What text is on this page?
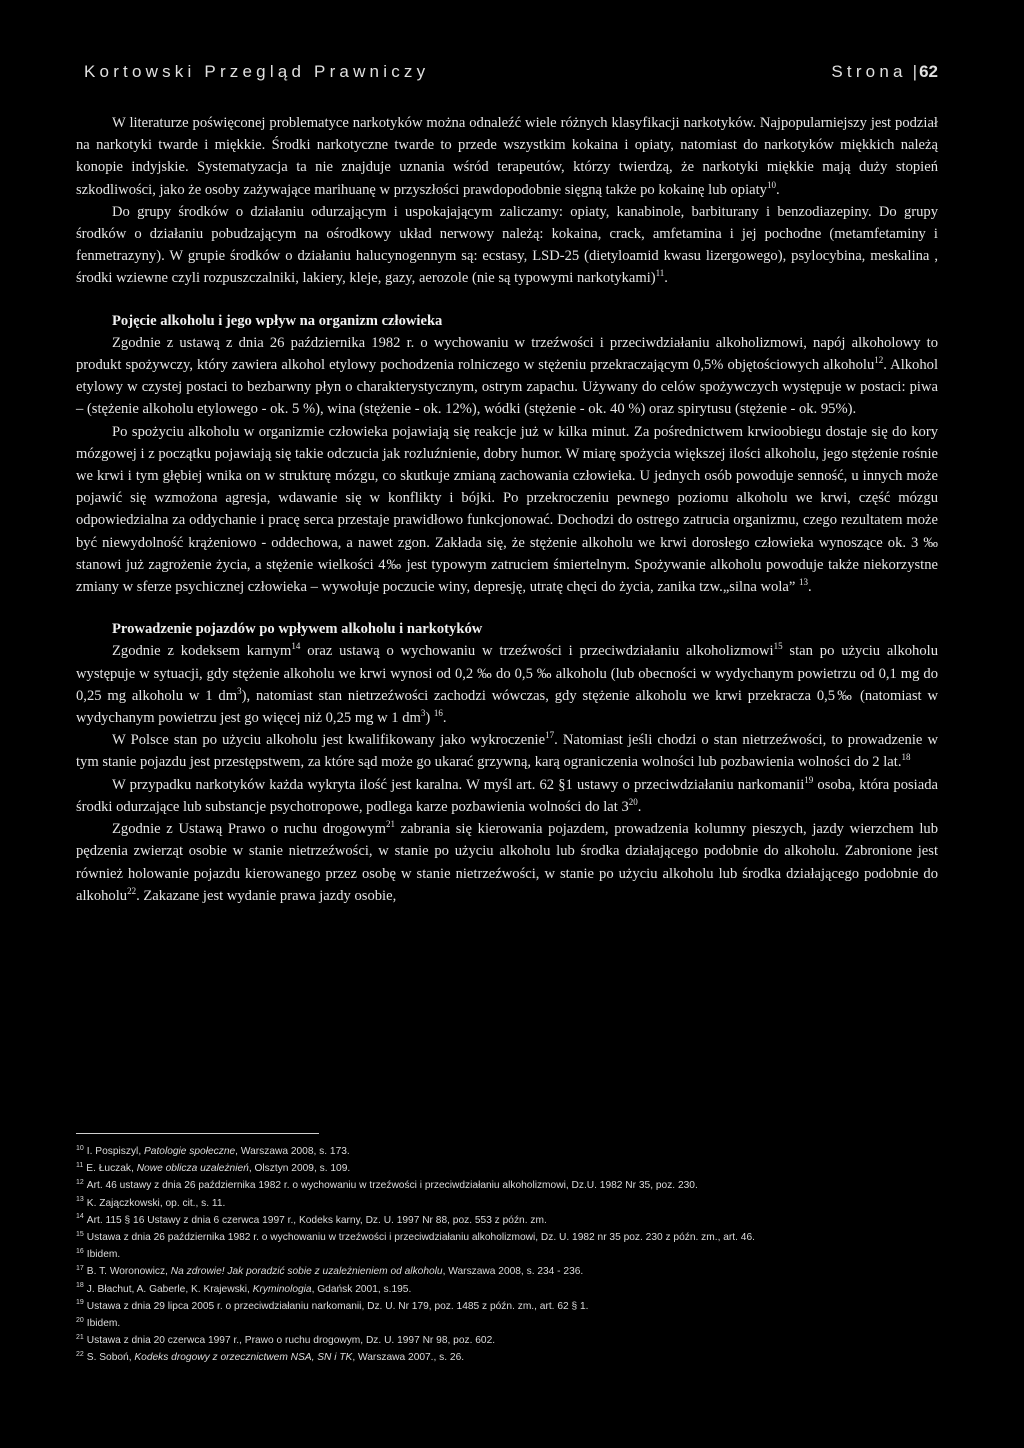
Kortowski Przegląd Prawniczy	Strona | 62

W literaturze poświęconej problematyce narkotyków można odnaleźć wiele różnych klasyfikacji narkotyków. Najpopularniejszy jest podział na narkotyki twarde i miękkie. Środki narkotyczne twarde to przede wszystkim kokaina i opiaty, natomiast do narkotyków miękkich należą konopie indyjskie. Systematyzacja ta nie znajduje uznania wśród terapeutów, którzy twierdzą, że narkotyki miękkie mają duży stopień szkodliwości, jako że osoby zażywające marihuanę w przyszłości prawdopodobnie sięgną także po kokainę lub opiaty$^{10}$.

Do grupy środków o działaniu odurzającym i uspokajającym zaliczamy: opiaty, kanabinole, barbiturany i benzodiazepiny. Do grupy środków o działaniu pobudzającym na ośrodkowy układ nerwowy należą: kokaina, crack, amfetamina i jej pochodne (metamfetaminy i fenmetrazyny). W grupie środków o działaniu halucynogennym są: ecstasy, LSD-25 (dietyloamid kwasu lizergowego), psylocybina, meskalina , środki wziewne czyli rozpuszczalniki, lakiery, kleje, gazy, aerozole (nie są typowymi narkotykami)$^{11}$.

Pojęcie alkoholu i jego wpływ na organizm człowieka

Zgodnie z ustawą z dnia 26 października 1982 r. o wychowaniu w trzeźwości i przeciwdziałaniu alkoholizmowi, napój alkoholowy to produkt spożywczy, który zawiera alkohol etylowy pochodzenia rolniczego w stężeniu przekraczającym 0,5% objętościowych alkoholu$^{12}$. Alkohol etylowy w czystej postaci to bezbarwny płyn o charakterystycznym, ostrym zapachu. Używany do celów spożywczych występuje w postaci: piwa – (stężenie alkoholu etylowego - ok. 5 %), wina (stężenie - ok. 12%), wódki (stężenie - ok. 40 %) oraz spirytusu (stężenie - ok. 95%).

Po spożyciu alkoholu w organizmie człowieka pojawiają się reakcje już w kilka minut. Za pośrednictwem krwioobiegu dostaje się do kory mózgowej i z początku pojawiają się takie odczucia jak rozluźnienie, dobry humor. W miarę spożycia większej ilości alkoholu, jego stężenie rośnie we krwi i tym głębiej wnika on w strukturę mózgu, co skutkuje zmianą zachowania człowieka. U jednych osób powoduje senność, u innych może pojawić się wzmożona agresja, wdawanie się w konflikty i bójki. Po przekroczeniu pewnego poziomu alkoholu we krwi, część mózgu odpowiedzialna za oddychanie i pracę serca przestaje prawidłowo funkcjonować. Dochodzi do ostrego zatrucia organizmu, czego rezultatem może być niewydolność krążeniowo - oddechowa, a nawet zgon. Zakłada się, że stężenie alkoholu we krwi dorosłego człowieka wynoszące ok. 3 ‰ stanowi już zagrożenie życia, a stężenie wielkości 4‰ jest typowym zatruciem śmiertelnym. Spożywanie alkoholu powoduje także niekorzystne zmiany w sferze psychicznej człowieka – wywołuje poczucie winy, depresję, utratę chęci do życia, zanika tzw.„silna wola” $^{13}$.

Prowadzenie pojazdów po wpływem alkoholu i narkotyków

Zgodnie z kodeksem karnym$^{14}$ oraz ustawą o wychowaniu w trzeźwości i przeciwdziałaniu alkoholizmowi$^{15}$ stan po użyciu alkoholu występuje w sytuacji, gdy stężenie alkoholu we krwi wynosi od 0,2 ‰ do 0,5 ‰ alkoholu (lub obecności w wydychanym powietrzu od 0,1 mg do 0,25 mg alkoholu w 1 $dm^3$), natomiast stan nietrzeźwości zachodzi wówczas, gdy stężenie alkoholu we krwi przekracza 0,5‰ (natomiast w wydychanym powietrzu jest go więcej niż 0,25 mg w 1 $dm^3$) $^{16}$.

W Polsce stan po użyciu alkoholu jest kwalifikowany jako wykroczenie$^{17}$. Natomiast jeśli chodzi o stan nietrzeźwości, to prowadzenie w tym stanie pojazdu jest przestępstwem, za które sąd może go ukarać grzywną, karą ograniczenia wolności lub pozbawienia wolności do 2 lat.$^{18}$

W przypadku narkotyków każda wykryta ilość jest karalna. W myśl art. 62 §1 ustawy o przeciwdziałaniu narkomanii$^{19}$ osoba, która posiada środki odurzające lub substancje psychotropowe, podlega karze pozbawienia wolności do lat $3^{20}$.

Zgodnie z Ustawą Prawo o ruchu drogowym$^{21}$ zabrania się kierowania pojazdem, prowadzenia kolumny pieszych, jazdy wierzchem lub pędzenia zwierząt osobie w stanie nietrzeźwości, w stanie po użyciu alkoholu lub środka działającego podobnie do alkoholu. Zabronione jest również holowanie pojazdu kierowanego przez osobę w stanie nietrzeźwości, w stanie po użyciu alkoholu lub środka działającego podobnie do alkoholu$^{22}$. Zakazane jest wydanie prawa jazdy osobie,

$^{10}$ I. Pospiszyl, Patologie społeczne, Warszawa 2008, s. 173.
$^{11}$ E. Łuczak, Nowe oblicza uzależnień, Olsztyn 2009, s. 109.
$^{12}$ Art. 46 ustawy z dnia 26 października 1982 r. o wychowaniu w trzeźwości i przeciwdziałaniu alkoholizmowi, Dz.U. 1982 Nr 35, poz. 230.
$^{13}$ K. Zajączkowski, op. cit., s. 11.
$^{14}$ Art. 115 § 16 Ustawy z dnia 6 czerwca 1997 r., Kodeks karny, Dz. U. 1997 Nr 88, poz. 553 z późn. zm.
$^{15}$ Ustawa z dnia 26 października 1982 r. o wychowaniu w trzeźwości i przeciwdziałaniu alkoholizmowi, Dz. U. 1982 nr 35 poz. 230 z późn. zm., art. 46.
$^{16}$ Ibidem.
$^{17}$ B. T. Woronowicz, Na zdrowie! Jak poradzić sobie z uzależnieniem od alkoholu, Warszawa 2008, s. 234 - 236.
$^{18}$ J. Błachut, A. Gaberle, K. Krajewski, Kryminologia, Gdańsk 2001, s.195.
$^{19}$ Ustawa z dnia 29 lipca 2005 r. o przeciwdziałaniu narkomanii, Dz. U. Nr 179, poz. 1485 z późn. zm., art. 62 § 1.
$^{20}$ Ibidem.
$^{21}$ Ustawa z dnia 20 czerwca 1997 r., Prawo o ruchu drogowym, Dz. U. 1997 Nr 98, poz. 602.
$^{22}$ S. Soboń, Kodeks drogowy z orzecznictwem NSA, SN i TK, Warszawa 2007., s. 26.
